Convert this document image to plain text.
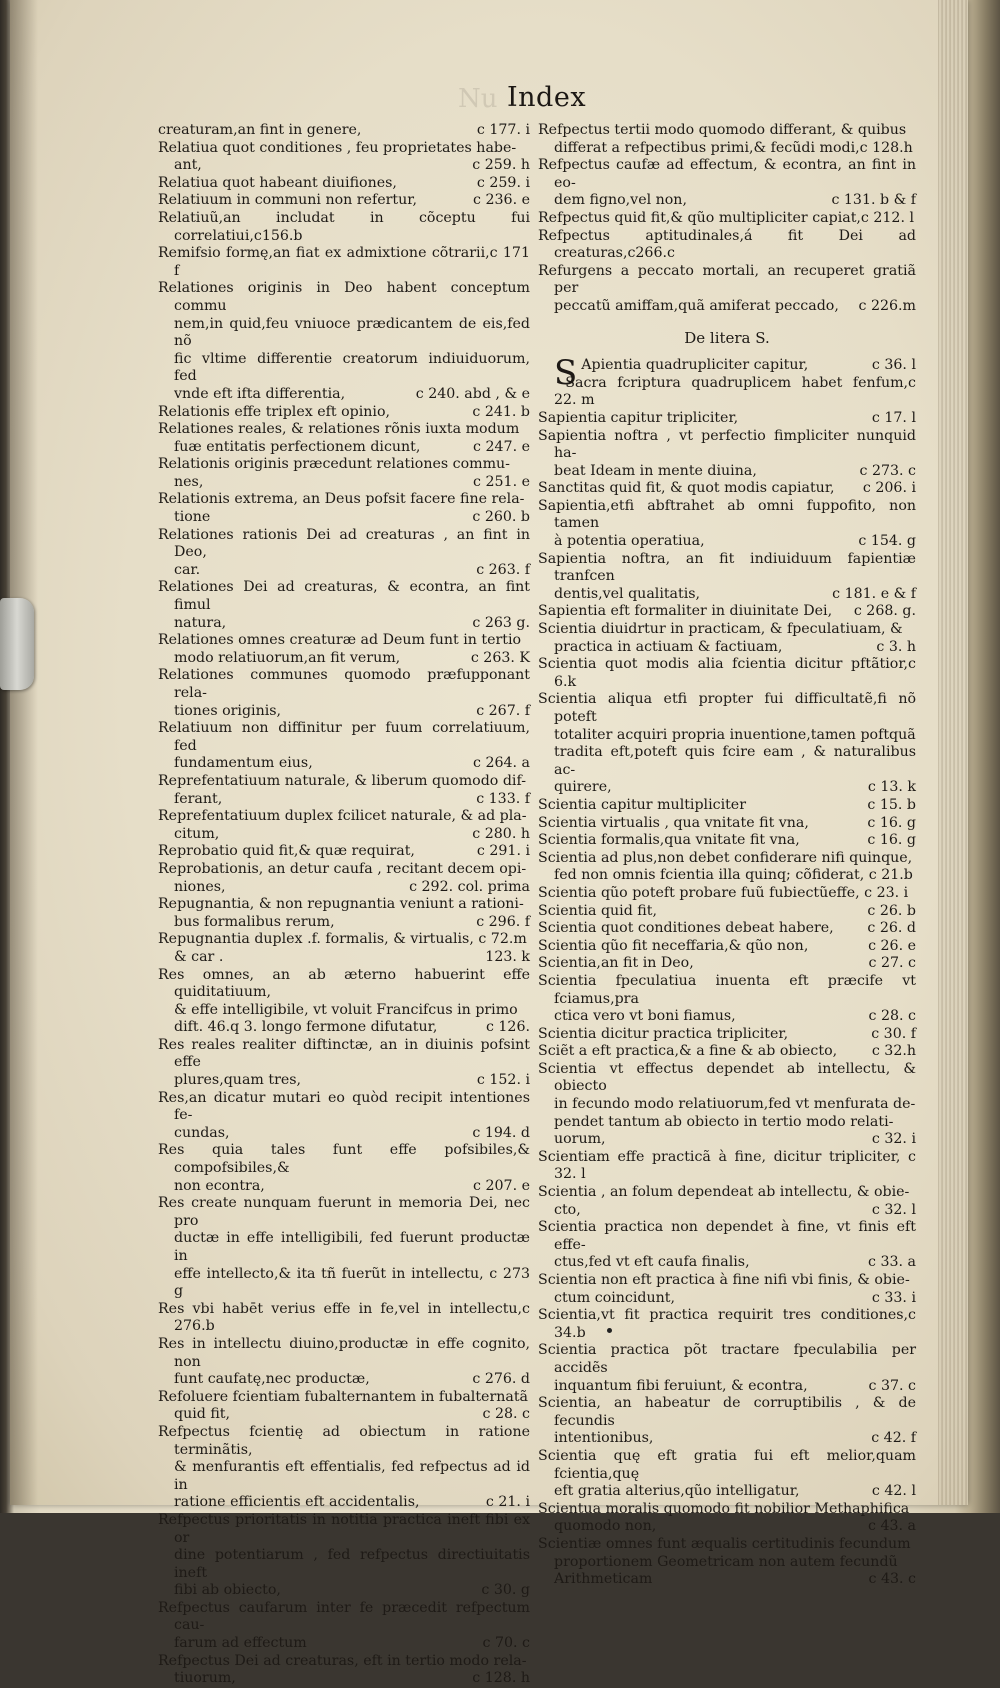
Nu Index

c 177. i
creaturam,an fint in genere,

Relatiua quot conditiones , feu proprietates habe-

c 259. h
ant,

c 259. i
Relatiua quot habeant diuifiones,

c 236. e
Relatiuum in communi non refertur,

Relatiuũ,an includat in cõceptu fui correlatiui,c156.b

Remifsio formę,an fiat ex admixtione cõtrarii,c 171 f

Relationes originis in Deo habent conceptum commu

nem,in quid,feu vniuoce prædicantem de eis,fed nõ

fic vltime differentie creatorum indiuiduorum, fed

c 240. abd , & e
vnde eft ifta differentia,

c 241. b
Relationis effe triplex eft opinio,

Relationes reales, & relationes rõnis iuxta modum

c 247. e
fuæ entitatis perfectionem dicunt,

Relationis originis præcedunt relationes commu-

c 251. e
nes,

Relationis extrema, an Deus pofsit facere fine rela-

c 260. b
tione

Relationes rationis Dei ad creaturas , an fint in Deo,

c 263. f
car.

Relationes Dei ad creaturas, & econtra, an fint fimul

c 263 g.
natura,

Relationes omnes creaturæ ad Deum funt in tertio

c 263. K
modo relatiuorum,an fit verum,

Relationes communes quomodo præfupponant rela-

c 267. f
tiones originis,

Relatiuum non diffinitur per fuum correlatiuum, fed

c 264. a
fundamentum eius,

Reprefentatiuum naturale, & liberum quomodo dif-

c 133. f
ferant,

Reprefentatiuum duplex fcilicet naturale, & ad pla-

c 280. h
citum,

c 291. i
Reprobatio quid fit,& quæ requirat,

Reprobationis, an detur caufa , recitant decem opi-

c 292. col. prima
niones,

Repugnantia, & non repugnantia veniunt a rationi-

c 296. f
bus formalibus rerum,

Repugnantia duplex .f. formalis, & virtualis, c 72.m

123. k
& car .

Res omnes, an ab æterno habuerint effe quiditatiuum,

& effe intelligibile, vt voluit Francifcus in primo

c 126.
dift. 46.q 3. longo fermone difutatur,

Res reales realiter diftinctæ, an in diuinis pofsint effe

c 152. i
plures,quam tres,

Res,an dicatur mutari eo quòd recipit intentiones fe-

c 194. d
cundas,

Res quia tales funt effe pofsibiles,& compofsibiles,&

c 207. e
non econtra,

Res create nunquam fuerunt in memoria Dei, nec pro

ductæ in effe intelligibili, fed fuerunt productæ in

effe intellecto,& ita tñ fuerũt in intellectu, c 273 g

Res vbi habēt verius effe in fe,vel in intellectu,c 276.b

Res in intellectu diuino,productæ in effe cognito, non

c 276. d
funt caufatę,nec productæ,

Refoluere fcientiam fubalternantem in fubalternatã

c 28. c
quid fit,

Refpectus fcientię ad obiectum in ratione terminãtis,

& menfurantis eft effentialis, fed refpectus ad id in

c 21. i
ratione efficientis eft accidentalis,

Refpectus prioritatis in notitia practica ineft fibi ex or

dine potentiarum , fed refpectus directiuitatis ineft

c 30. g
fibi ab obiecto,

Refpectus caufarum inter fe præcedit refpectum cau-

c 70. c
farum ad effectum

Refpectus Dei ad creaturas, eft in tertio modo rela-

c 128. h
tiuorum,

Refpectus tertii modo quomodo differant, & quibus

differat a refpectibus primi,& fecũdi modi,c 128.h

Refpectus caufæ ad effectum, & econtra, an fint in eo-

c 131. b & f
dem figno,vel non,

Refpectus quid fit,& qũo multipliciter capiat,c 212. l

Refpectus aptitudinales,á fit Dei ad creaturas,c266.c

Refurgens a peccato mortali, an recuperet gratiã per

c 226.m
peccatũ amiffam,quã amiferat peccado,

De litera S.

S	c 36. l
Apientia quadrupliciter capitur,

Sacra fcriptura quadruplicem habet fenfum,c 22. m

c 17. l
Sapientia capitur tripliciter,

Sapientia noftra , vt perfectio fimpliciter nunquid ha-

c 273. c
beat Ideam in mente diuina,

c 206. i
Sanctitas quid fit, & quot modis capiatur,

Sapientia,etfi abftrahet ab omni fuppofito, non tamen

c 154. g
à potentia operatiua,

Sapientia noftra, an fit indiuiduum fapientiæ tranfcen

c 181. e & f
dentis,vel qualitatis,

c 268. g.
Sapientia eft formaliter in diuinitate Dei,

Scientia diuidrtur in practicam, & fpeculatiuam, &

c 3. h
practica in actiuam & factiuam,

Scientia quot modis alia fcientia dicitur pftãtior,c 6.k

Scientia aliqua etfi propter fui difficultatẽ,fi nõ poteft

totaliter acquiri propria inuentione,tamen poftquã

tradita eft,poteft quis fcire eam , & naturalibus ac-

c 13. k
quirere,

c 15. b
Scientia capitur multipliciter

c 16. g
Scientia virtualis , qua vnitate fit vna,

c 16. g
Scientia formalis,qua vnitate fit vna,

Scientia ad plus,non debet confiderare nifi quinque,

fed non omnis fcientia illa quinq; cõfiderat, c 21.b

Scientia qũo poteft probare fuũ fubiectũeffe, c 23. i

c 26. b
Scientia quid fit,

c 26. d
Scientia quot conditiones debeat habere,

c 26. e
Scientia qũo fit neceffaria,& qũo non,

c 27. c
Scientia,an fit in Deo,

Scientia fpeculatiua inuenta eft præcife vt fciamus,pra

c 28. c
ctica vero vt boni fiamus,

c 30. f
Scientia dicitur practica tripliciter,

c 32.h
Sciẽt a eft practica,& a fine & ab obiecto,

Scientia vt effectus dependet ab intellectu, & obiecto

in fecundo modo relatiuorum,fed vt menfurata de-

pendet tantum ab obiecto in tertio modo relati-

c 32. i
uorum,

Scientiam effe practicã à fine, dicitur tripliciter, c 32. l

Scientia , an folum dependeat ab intellectu, & obie-

c 32. l
cto,

Scientia practica non dependet à fine, vt finis eft effe-

c 33. a
ctus,fed vt eft caufa finalis,

Scientia non eft practica à fine nifi vbi finis, & obie-

c 33. i
ctum coincidunt,

Scientia,vt fit practica requirit tres conditiones,c 34.b

Scientia practica põt tractare fpeculabilia per accidẽs

c 37. c
inquantum fibi feruiunt, & econtra,

Scientia, an habeatur de corruptibilis , & de fecundis

c 42. f
intentionibus,

Scientia quę eft gratia fui eft melior,quam fcientia,quę

c 42. l
eft gratia alterius,qũo intelligatur,

Scientua moralis quomodo fit nobilior Methaphifica

c 43. a
quomodo non,

Scientiæ omnes funt æqualis certitudinis fecundum

proportionem Geometricam non autem fecundũ

c 43. c
Arithmeticam
